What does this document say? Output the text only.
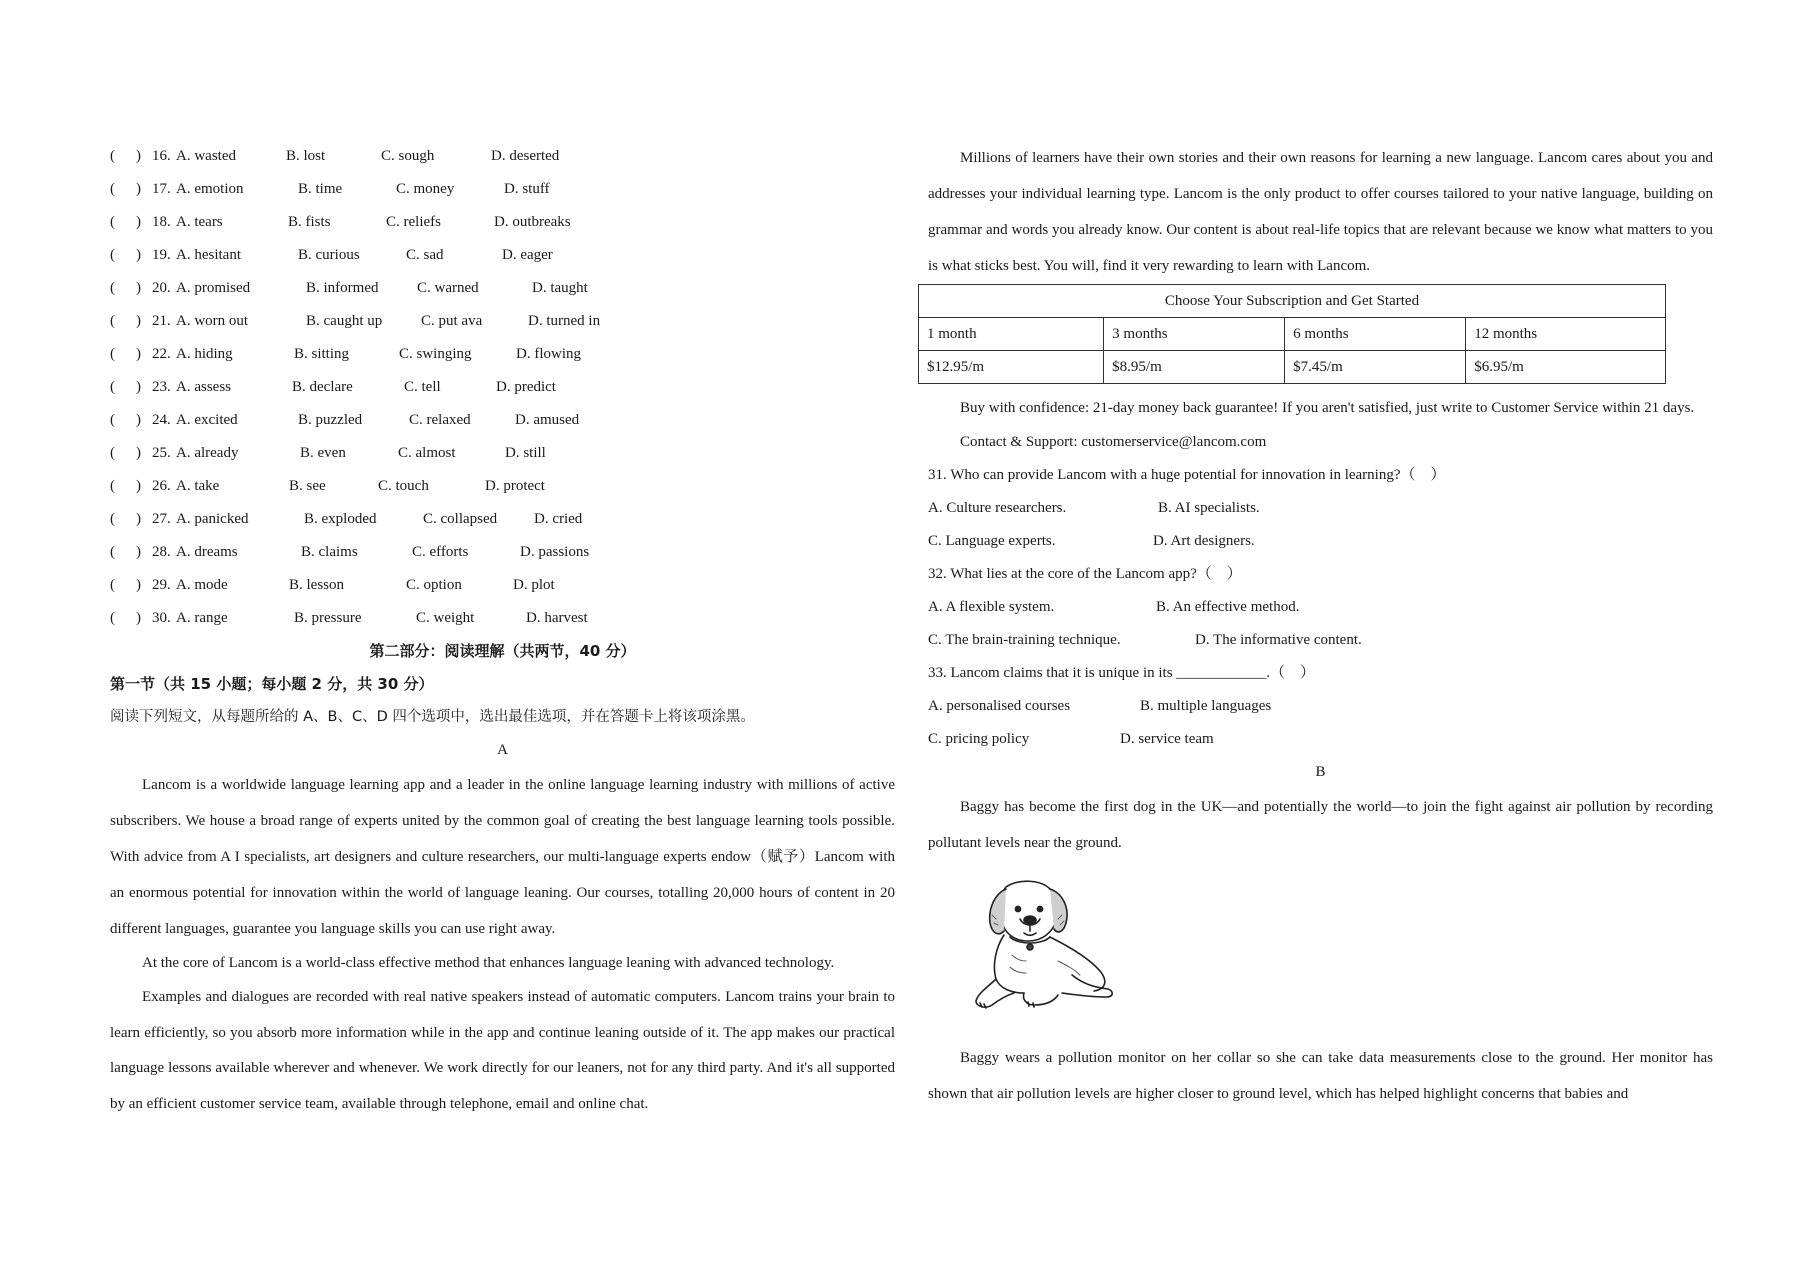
(	) 16. A. wasted	B. lost	C. sough	D. deserted
(	) 17. A. emotion	B. time	C. money	D. stuff
(	) 18. A. tears	B. fists	C. reliefs	D. outbreaks
(	) 19. A. hesitant	B. curious	C. sad	D. eager
(	) 20. A. promised	B. informed	C. warned	D. taught
(	) 21. A. worn out	B. caught up	C. put ava	D. turned in
(	) 22. A. hiding	B. sitting	C. swinging	D. flowing
(	) 23. A. assess	B. declare	C. tell	D. predict
(	) 24. A. excited	B. puzzled	C. relaxed	D. amused
(	) 25. A. already	B. even	C. almost	D. still
(	) 26. A. take	B. see	C. touch	D. protect
(	) 27. A. panicked	B. exploded	C. collapsed	D. cried
(	) 28. A. dreams	B. claims	C. efforts	D. passions
(	) 29. A. mode	B. lesson	C. option	D. plot
(	) 30. A. range	B. pressure	C. weight	D. harvest
第二部分：阅读理解（共两节，40 分）
第一节（共 15 小题；每小题 2 分，共 30 分）
阅读下列短文，从每题所给的 A、B、C、D 四个选项中，选出最佳选项，并在答题卡上将该项涂黑。
A

Lancom is a worldwide language learning app and a leader in the online language learning industry with millions of active subscribers. We house a broad range of experts united by the common goal of creating the best language learning tools possible. With advice from A I specialists, art designers and culture researchers, our multi-language experts endow（赋予）Lancom with an enormous potential for innovation within the world of language leaning. Our courses, totalling 20,000 hours of content in 20 different languages, guarantee you language skills you can use right away.

At the core of Lancom is a world-class effective method that enhances language leaning with advanced technology.

Examples and dialogues are recorded with real native speakers instead of automatic computers. Lancom trains your brain to learn efficiently, so you absorb more information while in the app and continue leaning outside of it. The app makes our practical language lessons available wherever and whenever. We work directly for our leaners, not for any third party. And it's all supported by an efficient customer service team, available through telephone, email and online chat.

Millions of learners have their own stories and their own reasons for learning a new language. Lancom cares about you and addresses your individual learning type. Lancom is the only product to offer courses tailored to your native language, building on grammar and words you already know. Our content is about real-life topics that are relevant because we know what matters to you is what sticks best. You will, find it very rewarding to learn with Lancom.

Choose Your Subscription and Get Started			
1 month	3 months	6 months	12 months
$12.95/m	$8.95/m	$7.45/m	$6.95/m

Buy with confidence: 21-day money back guarantee! If you aren't satisfied, just write to Customer Service within 21 days.

Contact & Support: customerservice@lancom.com

31. Who can provide Lancom with a huge potential for innovation in learning?（　）
A. Culture researchers.	B. AI specialists.
C. Language experts.	D. Art designers.
32. What lies at the core of the Lancom app?（　）
A. A flexible system.	B. An effective method.
C. The brain-training technique.	D. The informative content.
33. Lancom claims that it is unique in its ____________.（　）
A. personalised courses	B. multiple languages
C. pricing policy	D. service team
B

Baggy has become the first dog in the UK—and potentially the world—to join the fight against air pollution by recording pollutant levels near the ground.

Baggy wears a pollution monitor on her collar so she can take data measurements close to the ground. Her monitor has shown that air pollution levels are higher closer to ground level, which has helped highlight concerns that babies and
